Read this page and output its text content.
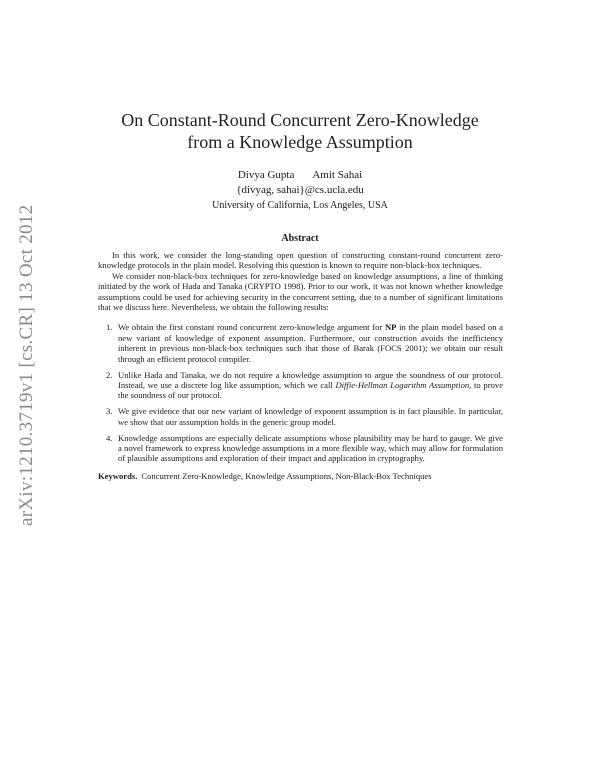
arXiv:1210.3719v1 [cs.CR] 13 Oct 2012
On Constant-Round Concurrent Zero-Knowledge
from a Knowledge Assumption
Divya Gupta Amit Sahai
{divyag, sahai}@cs.ucla.edu
University of California, Los Angeles, USA
Abstract

In this work, we consider the long-standing open question of constructing constant-round concurrent zero-knowledge protocols in the plain model. Resolving this question is known to require non-black-box techniques.

We consider non-black-box techniques for zero-knowledge based on knowledge assumptions, a line of thinking initiated by the work of Hada and Tanaka (CRYPTO 1998). Prior to our work, it was not known whether knowledge assumptions could be used for achieving security in the concurrent setting, due to a number of significant limitations that we discuss here. Nevertheless, we obtain the following results:

1. We obtain the first constant round concurrent zero-knowledge argument for NP in the plain model based on a new variant of knowledge of exponent assumption. Furthermore, our construction avoids the inefficiency inherent in previous non-black-box techniques such that those of Barak (FOCS 2001); we obtain our result through an efficient protocol compiler.
2. Unlike Hada and Tanaka, we do not require a knowledge assumption to argue the soundness of our protocol. Instead, we use a discrete log like assumption, which we call Diffie-Hellman Logarithm Assumption, to prove the soundness of our protocol.
3. We give evidence that our new variant of knowledge of exponent assumption is in fact plausible. In particular, we show that our assumption holds in the generic group model.
4. Knowledge assumptions are especially delicate assumptions whose plausibility may be hard to gauge. We give a novel framework to express knowledge assumptions in a more flexible way, which may allow for formulation of plausible assumptions and exploration of their impact and application in cryptography.
Keywords. Concurrent Zero-Knowledge, Knowledge Assumptions, Non-Black-Box Techniques
